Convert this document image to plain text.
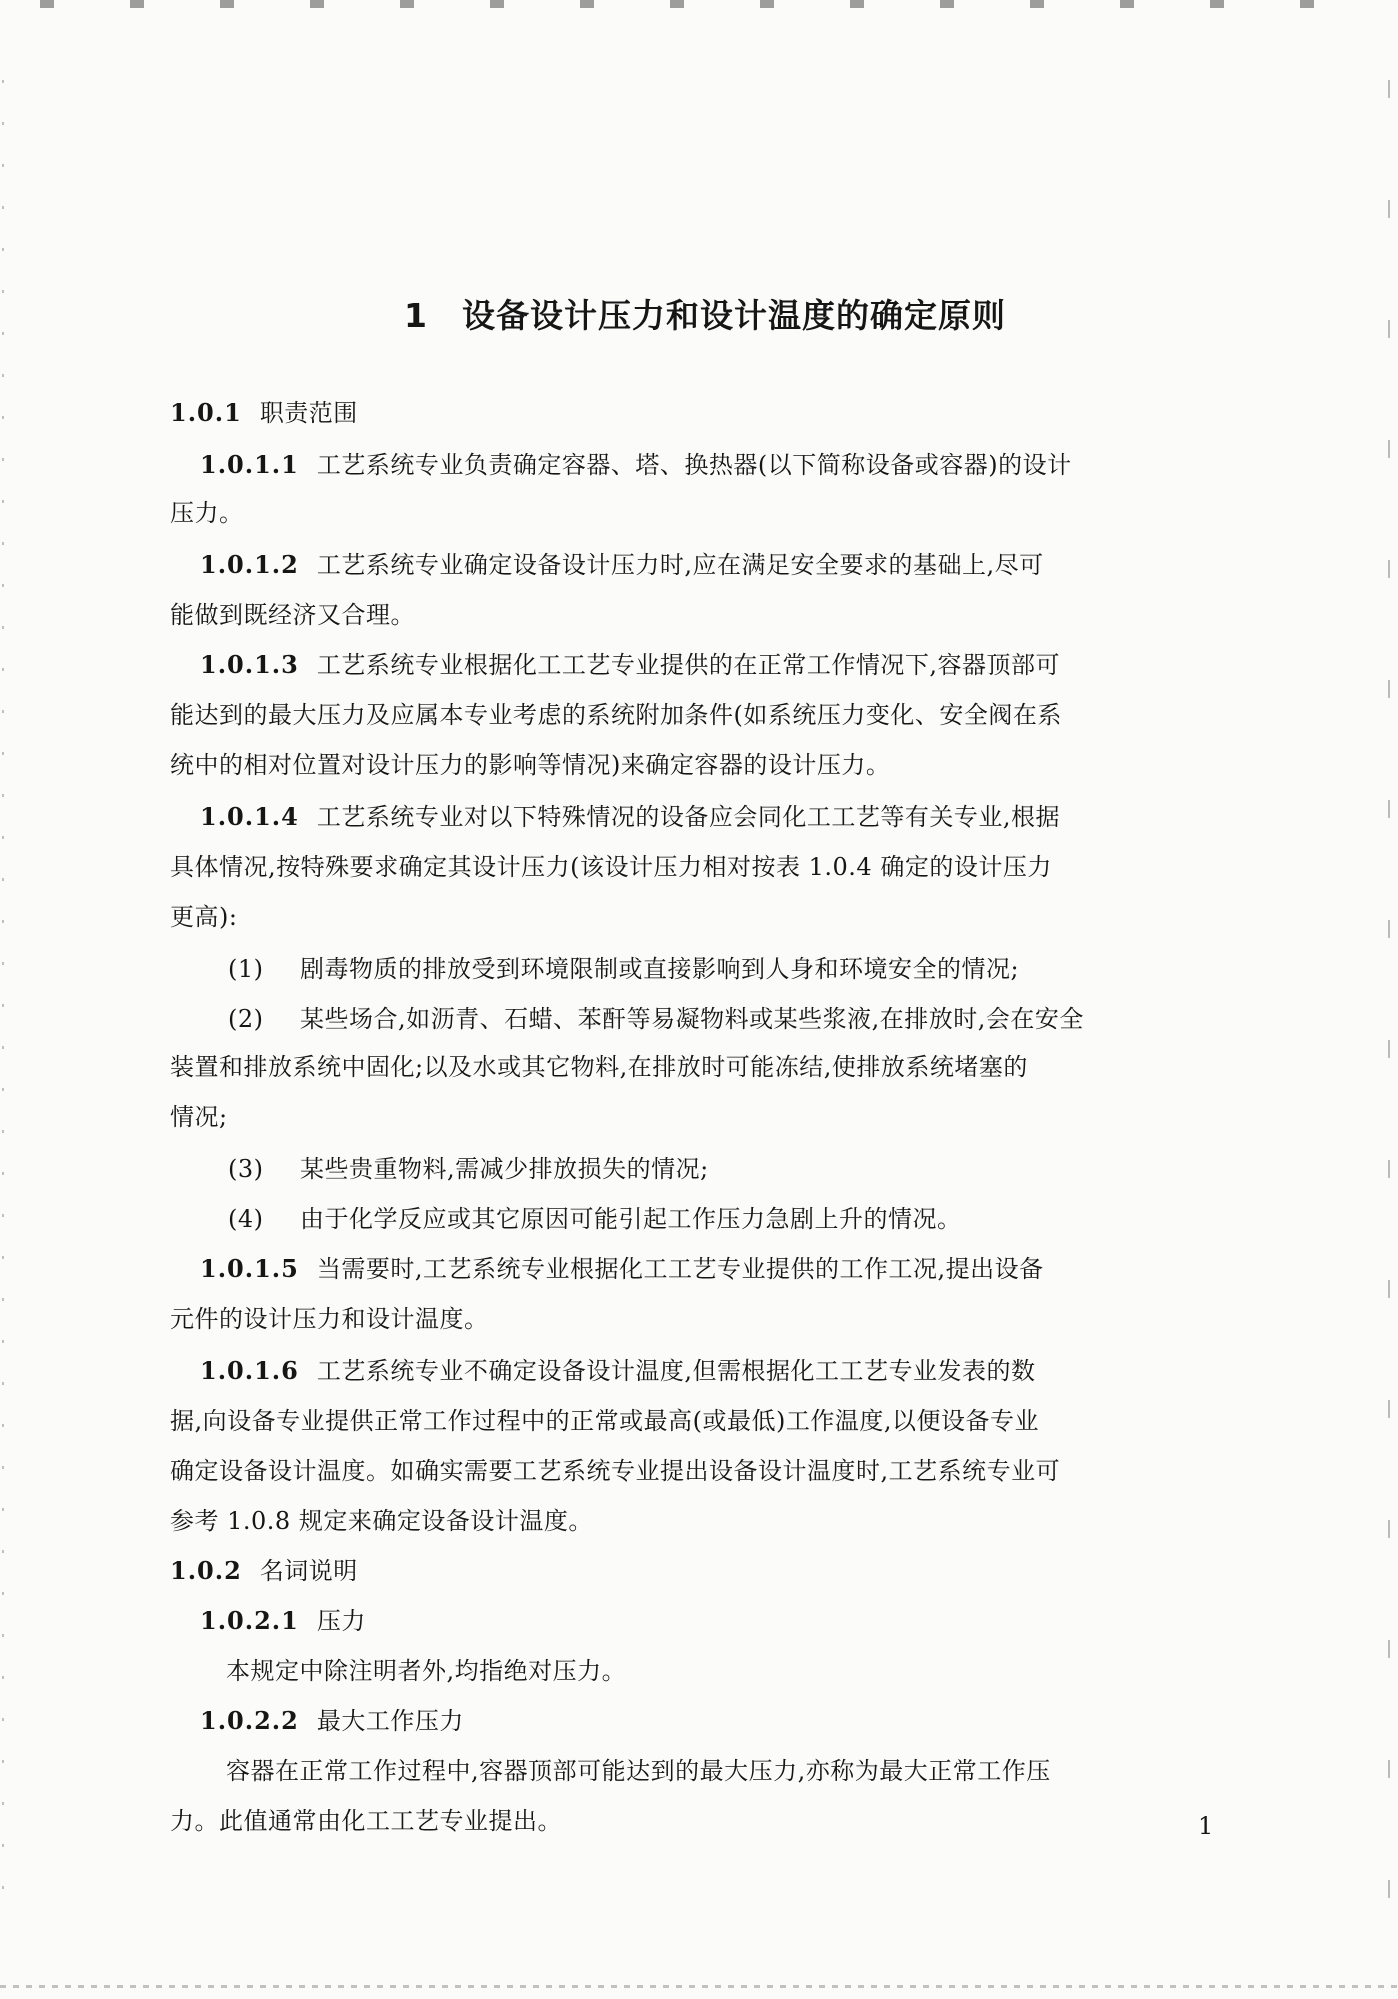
1 设备设计压力和设计温度的确定原则
1.0.1 职责范围
1.0.1.1 工艺系统专业负责确定容器、塔、换热器(以下简称设备或容器)的设计
压力。
1.0.1.2 工艺系统专业确定设备设计压力时,应在满足安全要求的基础上,尽可
能做到既经济又合理。
1.0.1.3 工艺系统专业根据化工工艺专业提供的在正常工作情况下,容器顶部可
能达到的最大压力及应属本专业考虑的系统附加条件(如系统压力变化、安全阀在系
统中的相对位置对设计压力的影响等情况)来确定容器的设计压力。
1.0.1.4 工艺系统专业对以下特殊情况的设备应会同化工工艺等有关专业,根据
具体情况,按特殊要求确定其设计压力(该设计压力相对按表 1.0.4 确定的设计压力
更高):
(1) 剧毒物质的排放受到环境限制或直接影响到人身和环境安全的情况;
(2) 某些场合,如沥青、石蜡、苯酐等易凝物料或某些浆液,在排放时,会在安全
装置和排放系统中固化;以及水或其它物料,在排放时可能冻结,使排放系统堵塞的
情况;
(3) 某些贵重物料,需减少排放损失的情况;
(4) 由于化学反应或其它原因可能引起工作压力急剧上升的情况。
1.0.1.5 当需要时,工艺系统专业根据化工工艺专业提供的工作工况,提出设备
元件的设计压力和设计温度。
1.0.1.6 工艺系统专业不确定设备设计温度,但需根据化工工艺专业发表的数
据,向设备专业提供正常工作过程中的正常或最高(或最低)工作温度,以便设备专业
确定设备设计温度。如确实需要工艺系统专业提出设备设计温度时,工艺系统专业可
参考 1.0.8 规定来确定设备设计温度。
1.0.2 名词说明
1.0.2.1 压力
本规定中除注明者外,均指绝对压力。
1.0.2.2 最大工作压力
容器在正常工作过程中,容器顶部可能达到的最大压力,亦称为最大正常工作压
力。此值通常由化工工艺专业提出。	1
